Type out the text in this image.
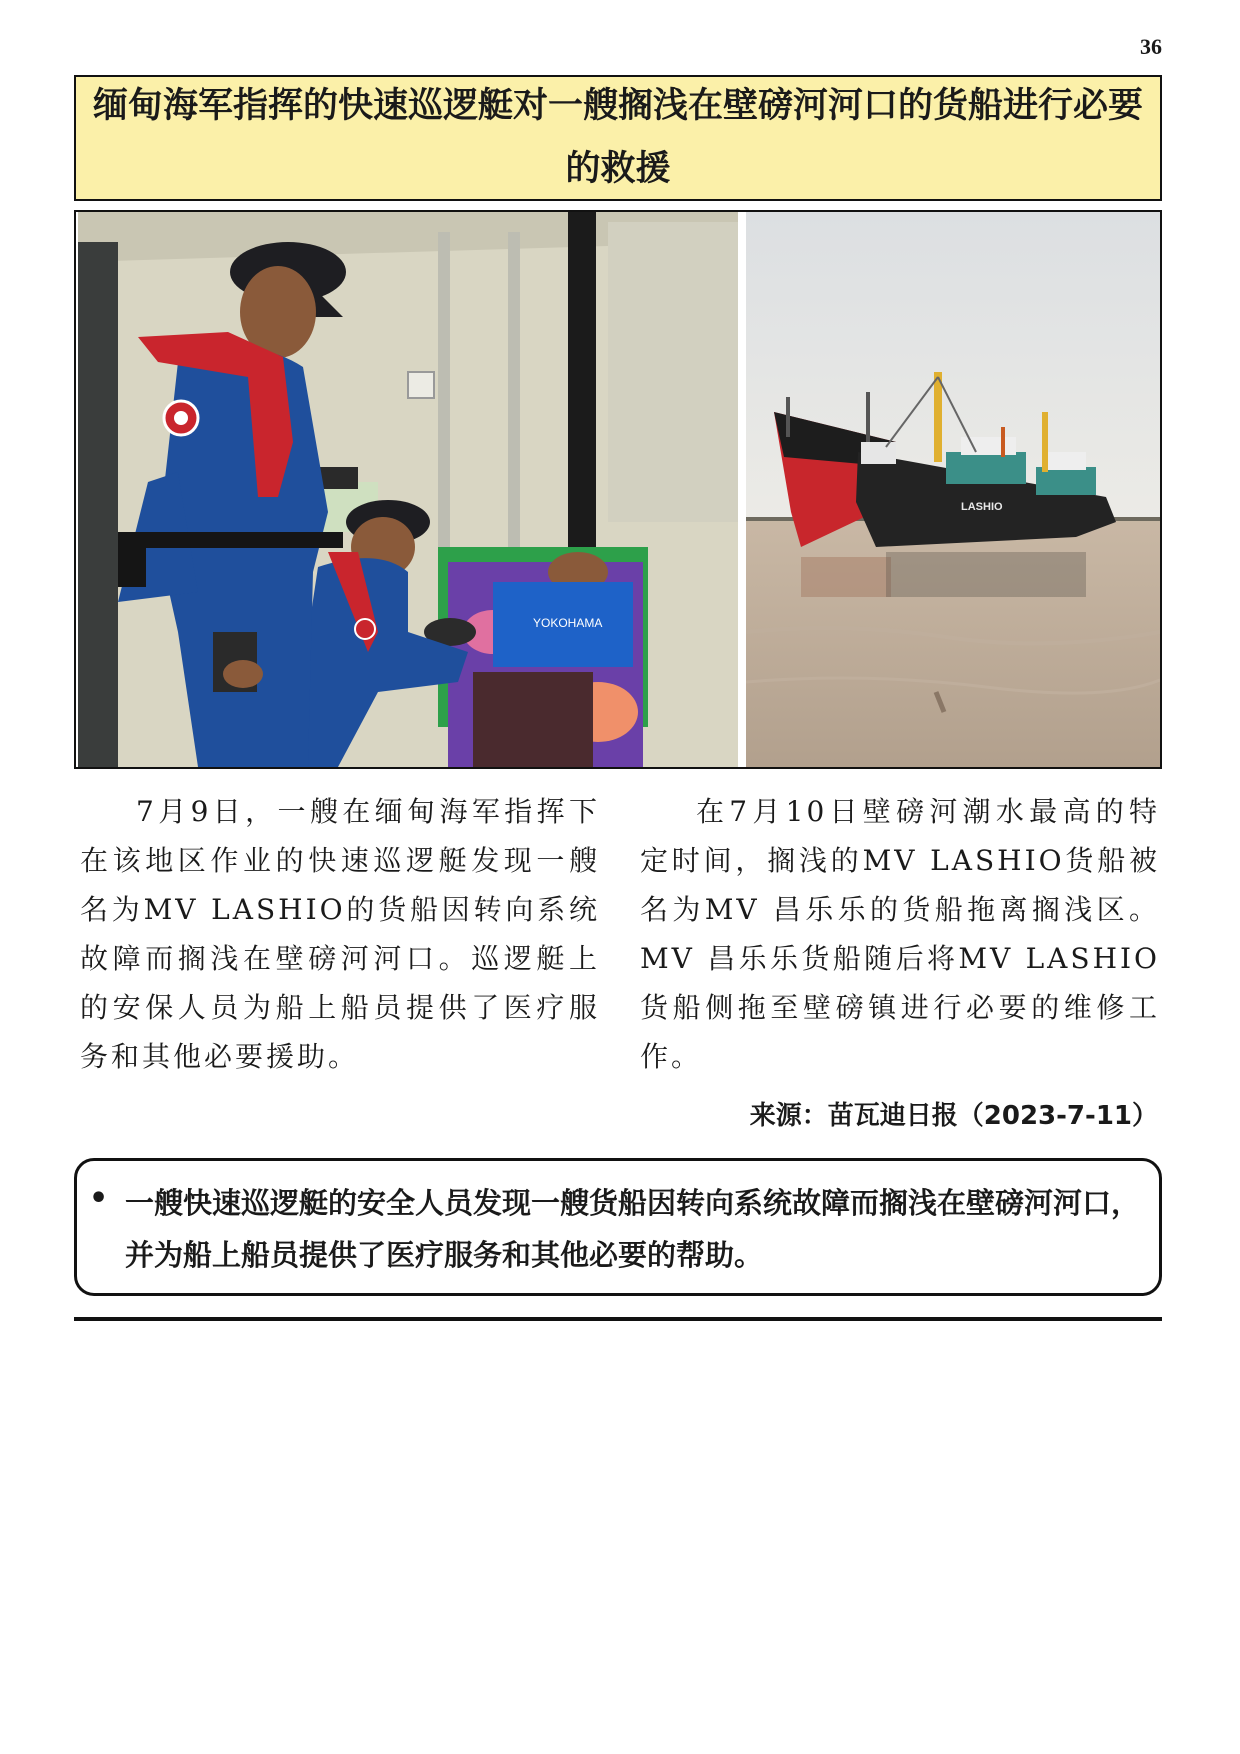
36
缅甸海军指挥的快速巡逻艇对一艘搁浅在壁磅河河口的货船进行必要的救援
YOKOHAMA
LASHIO

7月9日，一艘在缅甸海军指挥下在该地区作业的快速巡逻艇发现一艘名为MV LASHIO的货船因转向系统故障而搁浅在壁磅河河口。巡逻艇上的安保人员为船上船员提供了医疗服务和其他必要援助。

在7月10日壁磅河潮水最高的特定时间，搁浅的MV LASHIO货船被名为MV 昌乐乐的货船拖离搁浅区。MV 昌乐乐货船随后将MV LASHIO货船侧拖至壁磅镇进行必要的维修工作。

来源：苗瓦迪日报（2023-7-11）
• 一艘快速巡逻艇的安全人员发现一艘货船因转向系统故障而搁浅在壁磅河河口，并为船上船员提供了医疗服务和其他必要的帮助。
